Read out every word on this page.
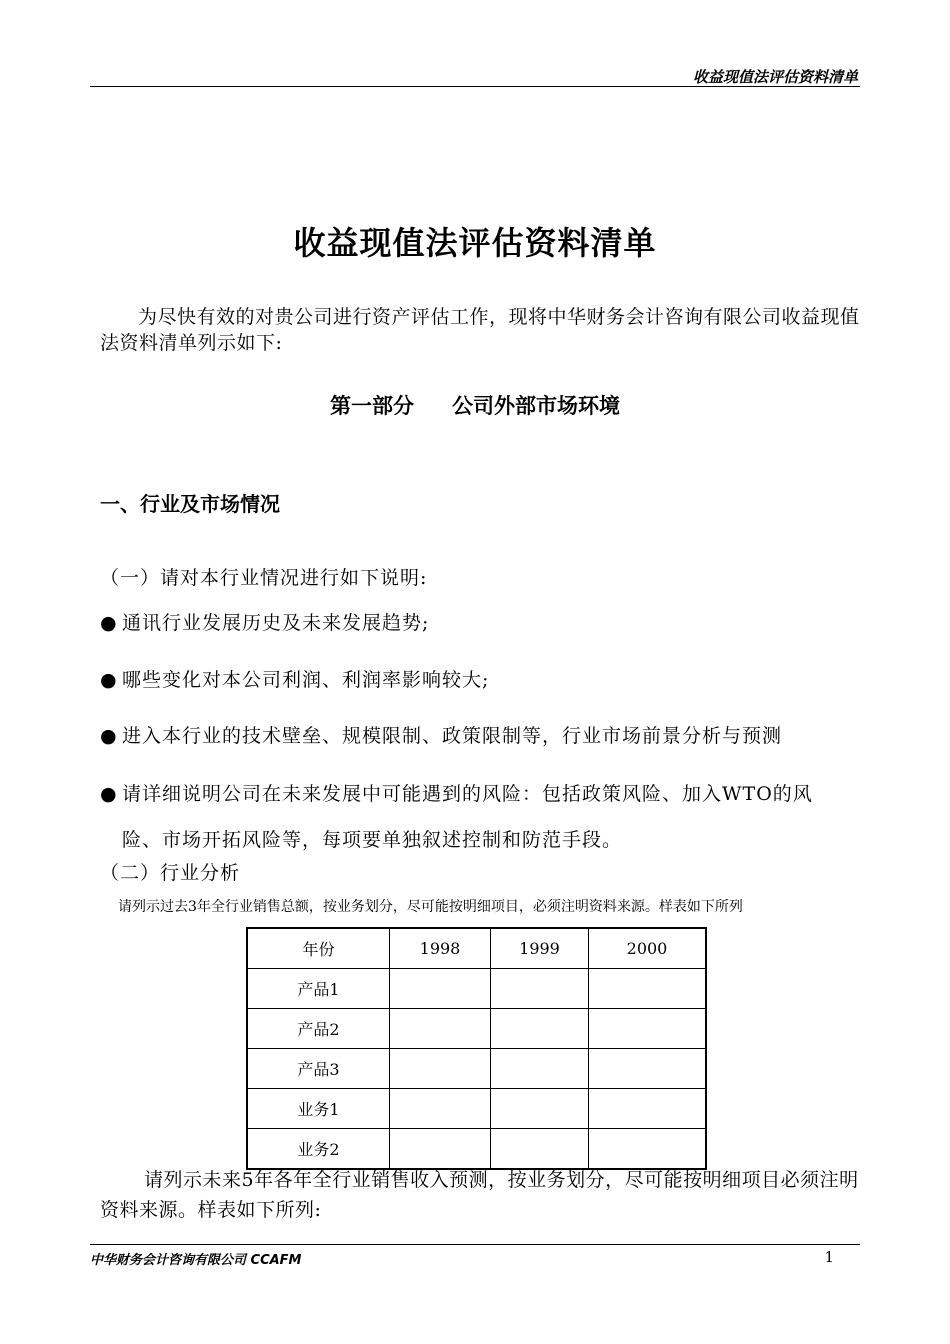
收益现值法评估资料清单
收益现值法评估资料清单
为尽快有效的对贵公司进行资产评估工作，现将中华财务会计咨询有限公司收益现值法资料清单列示如下:
第一部分 公司外部市场环境
一、行业及市场情况
（一）请对本行业情况进行如下说明:
● 通讯行业发展历史及未来发展趋势;
● 哪些变化对本公司利润、利润率影响较大;
● 进入本行业的技术壁垒、规模限制、政策限制等，行业市场前景分析与预测
● 请详细说明公司在未来发展中可能遇到的风险：包括政策风险、加入WTO的风
险、市场开拓风险等，每项要单独叙述控制和防范手段。
（二）行业分析
请列示过去3年全行业销售总额，按业务划分，尽可能按明细项目，必须注明资料来源。样表如下所列
年份	1998	1999	2000
产品1			
产品2			
产品3			
业务1			
业务2			
请列示未来5年各年全行业销售收入预测，按业务划分，尽可能按明细项目必须注明资料来源。样表如下所列:
中华财务会计咨询有限公司 CCAFM	1
